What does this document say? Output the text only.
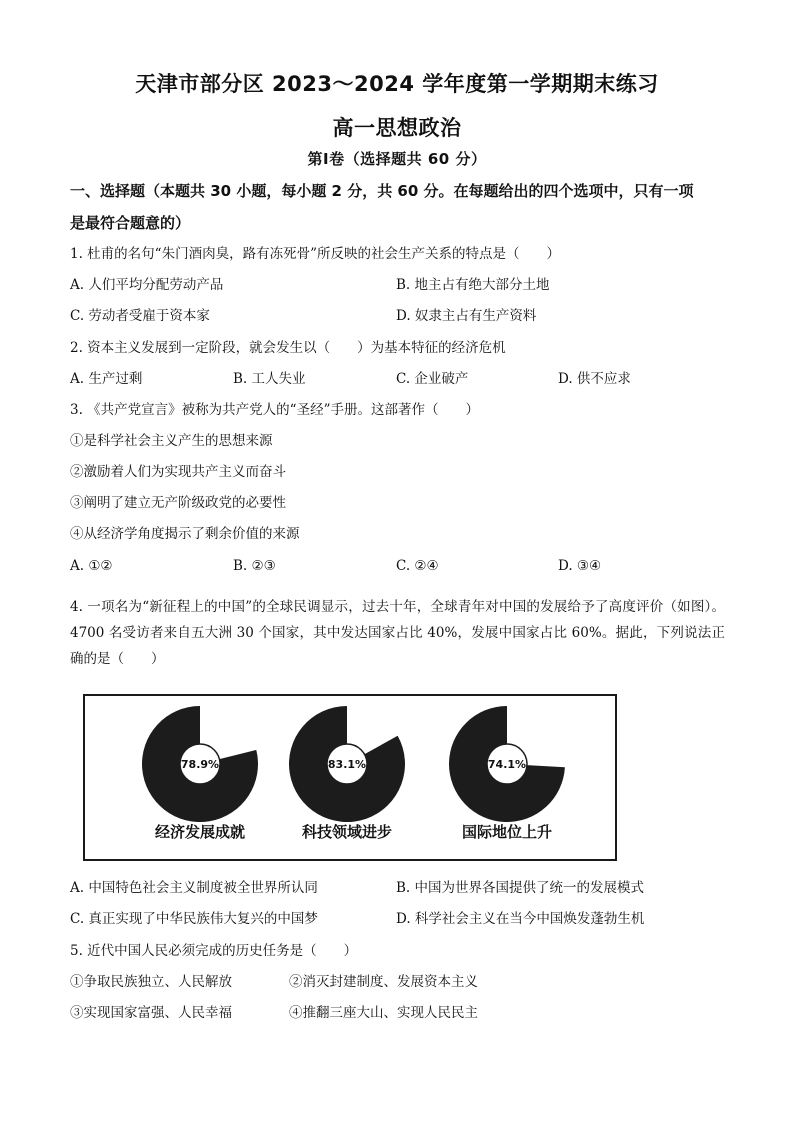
天津市部分区 2023～2024 学年度第一学期期末练习
高一思想政治
第Ⅰ卷（选择题共 60 分）
一、选择题（本题共 30 小题，每小题 2 分，共 60 分。在每题给出的四个选项中，只有一项
是最符合题意的）
1. 杜甫的名句“朱门酒肉臭，路有冻死骨”所反映的社会生产关系的特点是（　　）
A. 人们平均分配劳动产品	B. 地主占有绝大部分土地
C. 劳动者受雇于资本家	D. 奴隶主占有生产资料
2. 资本主义发展到一定阶段，就会发生以（　　）为基本特征的经济危机
A. 生产过剩	B. 工人失业	C. 企业破产	D. 供不应求
3. 《共产党宣言》被称为共产党人的“圣经”手册。这部著作（　　）
①是科学社会主义产生的思想来源
②激励着人们为实现共产主义而奋斗
③阐明了建立无产阶级政党的必要性
④从经济学角度揭示了剩余价值的来源
A. ①②	B. ②③	C. ②④	D. ③④
4. 一项名为“新征程上的中国”的全球民调显示，过去十年，全球青年对中国的发展给予了高度评价（如图）。4700 名受访者来自五大洲 30 个国家，其中发达国家占比 40%，发展中国家占比 60%。据此，下列说法正确的是（　　）
78.9%
经济发展成就
83.1%
科技领域进步
74.1%
国际地位上升
A. 中国特色社会主义制度被全世界所认同	B. 中国为世界各国提供了统一的发展模式
C. 真正实现了中华民族伟大复兴的中国梦	D. 科学社会主义在当今中国焕发蓬勃生机
5. 近代中国人民必须完成的历史任务是（　　）
①争取民族独立、人民解放	②消灭封建制度、发展资本主义
③实现国家富强、人民幸福	④推翻三座大山、实现人民民主
